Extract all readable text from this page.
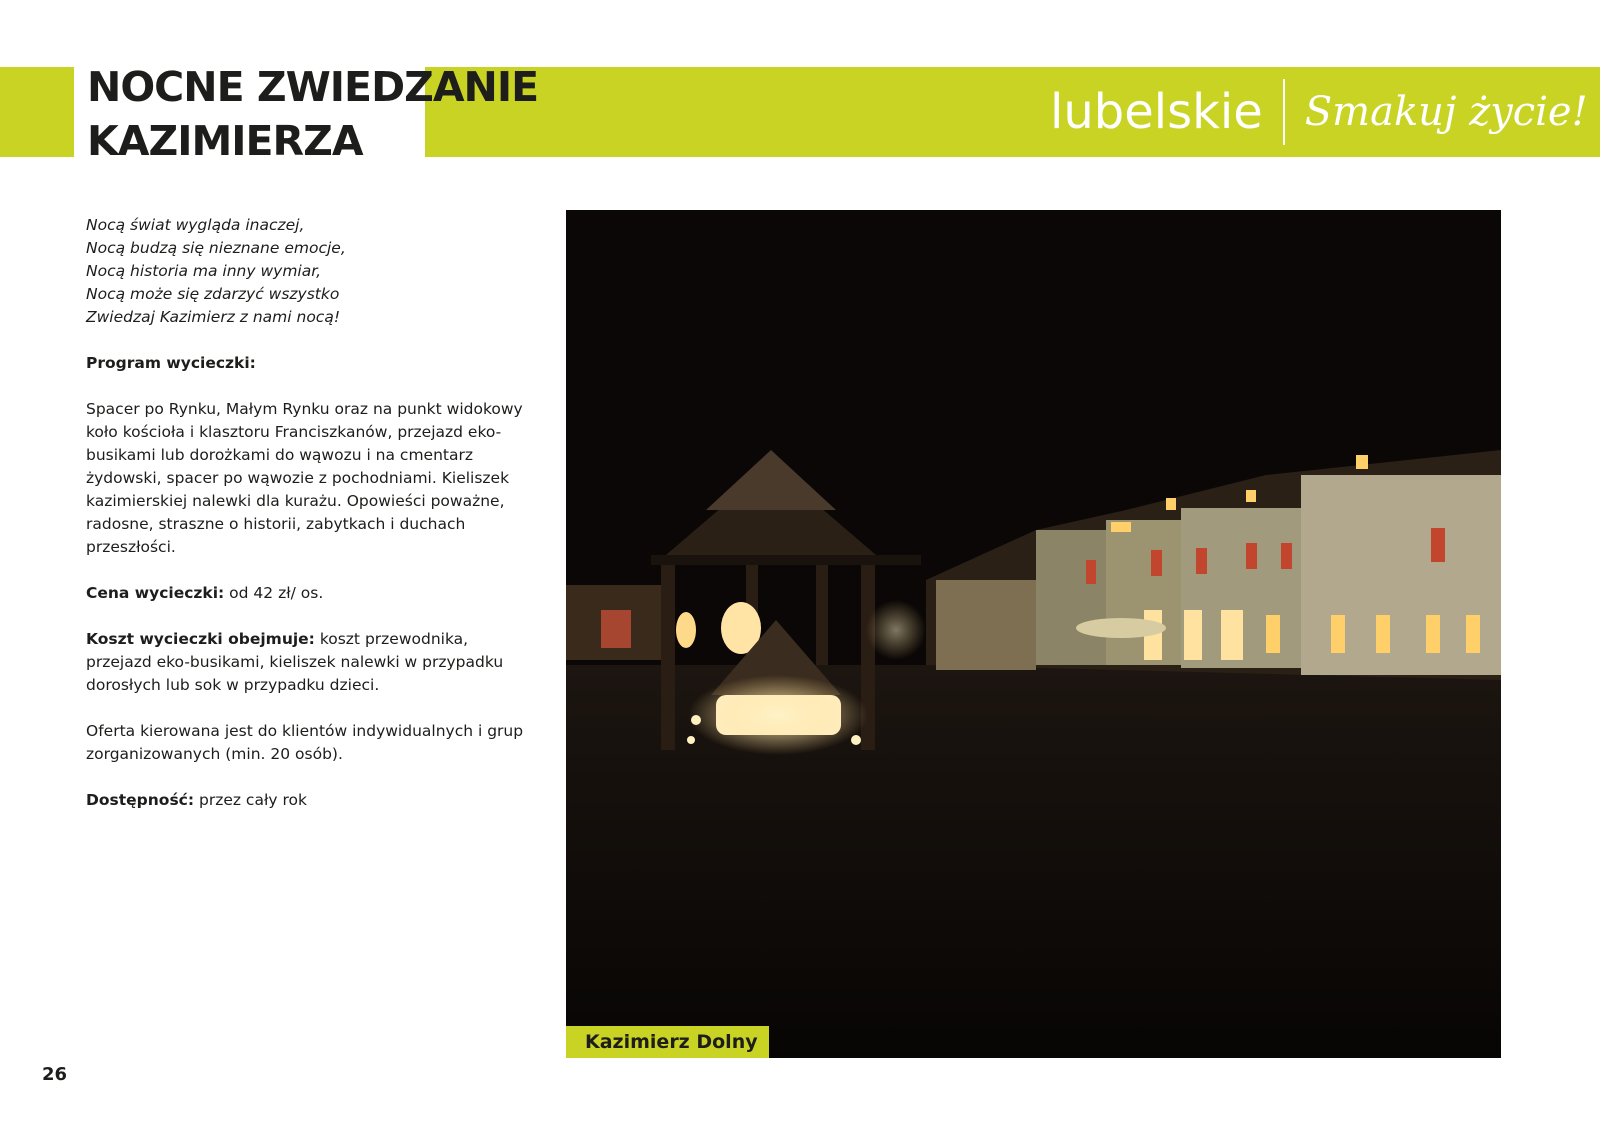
NOCNE ZWIEDZANIE
KAZIMIERZA
lubelskie Smakuj życie!

Nocą świat wygląda inaczej,

Nocą budzą się nieznane emocje,

Nocą historia ma inny wymiar,

Nocą może się zdarzyć wszystko

Zwiedzaj Kazimierz z nami nocą!

Program wycieczki:

Spacer po Rynku, Małym Rynku oraz na punkt widokowy koło kościoła i klasztoru Franciszkanów, przejazd eko-busikami lub dorożkami do wąwozu i na cmentarz żydowski, spacer po wąwozie z pochodniami. Kieliszek kazimierskiej nalewki dla kurażu. Opowieści poważne, radosne, straszne o historii, zabytkach i duchach przeszłości.

Cena wycieczki: od 42 zł/ os.

Koszt wycieczki obejmuje: koszt przewodnika, przejazd eko-busikami, kieliszek nalewki w przypadku dorosłych lub sok w przypadku dzieci.

Oferta kierowana jest do klientów indywidualnych i grup zorganizowanych (min. 20 osób).

Dostępność: przez cały rok

Kazimierz Dolny
26
